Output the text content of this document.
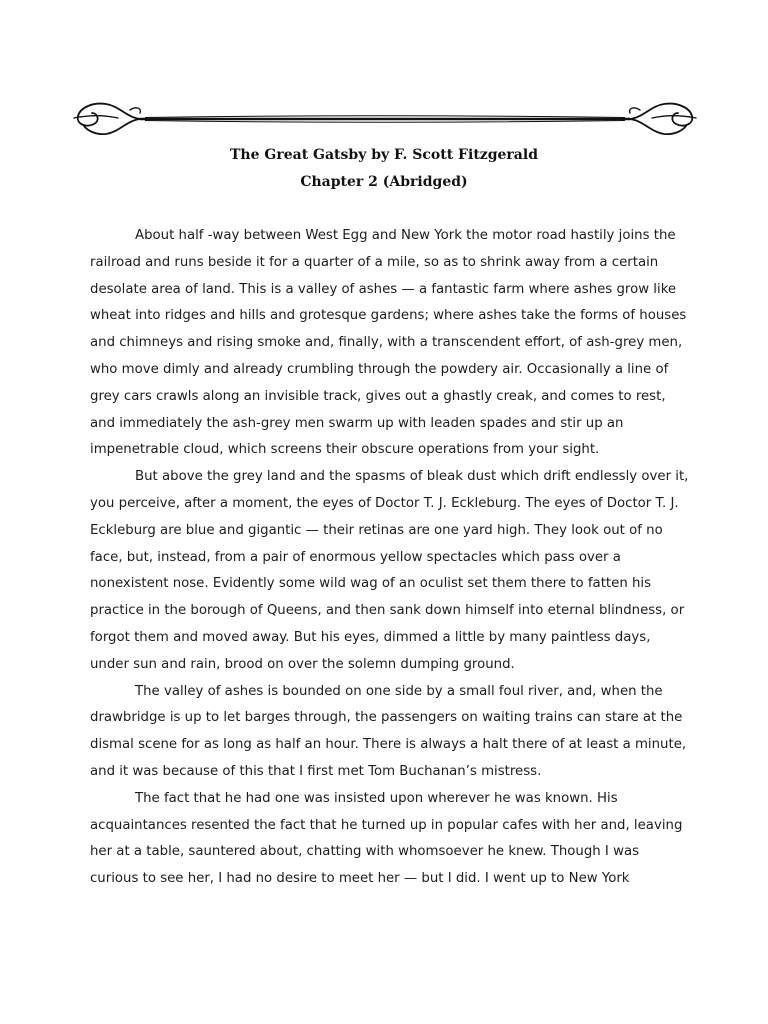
The Great Gatsby by F. Scott Fitzgerald
Chapter 2 (Abridged)

About half -way between West Egg and New York the motor road hastily joins the railroad and runs beside it for a quarter of a mile, so as to shrink away from a certain desolate area of land. This is a valley of ashes — a fantastic farm where ashes grow like wheat into ridges and hills and grotesque gardens; where ashes take the forms of houses and chimneys and rising smoke and, finally, with a transcendent effort, of ash-grey men, who move dimly and already crumbling through the powdery air. Occasionally a line of grey cars crawls along an invisible track, gives out a ghastly creak, and comes to rest, and immediately the ash-grey men swarm up with leaden spades and stir up an impenetrable cloud, which screens their obscure operations from your sight.

But above the grey land and the spasms of bleak dust which drift endlessly over it, you perceive, after a moment, the eyes of Doctor T. J. Eckleburg. The eyes of Doctor T. J. Eckleburg are blue and gigantic — their retinas are one yard high. They look out of no face, but, instead, from a pair of enormous yellow spectacles which pass over a nonexistent nose. Evidently some wild wag of an oculist set them there to fatten his practice in the borough of Queens, and then sank down himself into eternal blindness, or forgot them and moved away. But his eyes, dimmed a little by many paintless days, under sun and rain, brood on over the solemn dumping ground.

The valley of ashes is bounded on one side by a small foul river, and, when the drawbridge is up to let barges through, the passengers on waiting trains can stare at the dismal scene for as long as half an hour. There is always a halt there of at least a minute, and it was because of this that I first met Tom Buchanan’s mistress.

The fact that he had one was insisted upon wherever he was known. His acquaintances resented the fact that he turned up in popular cafes with her and, leaving her at a table, sauntered about, chatting with whomsoever he knew. Though I was curious to see her, I had no desire to meet her — but I did. I went up to New York
